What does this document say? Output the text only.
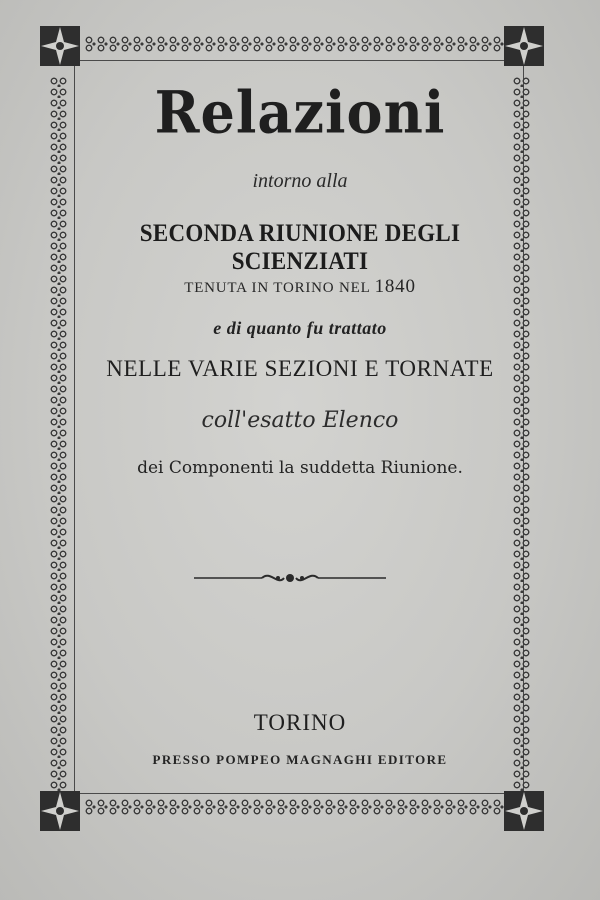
Relazioni
intorno alla
SECONDA RIUNIONE DEGLI SCIENZIATI
TENUTA IN TORINO NEL 1840
e di quanto fu trattato
NELLE VARIE SEZIONI E TORNATE
coll'esatto Elenco
dei Componenti la suddetta Riunione.
TORINO
PRESSO POMPEO MAGNAGHI EDITORE
